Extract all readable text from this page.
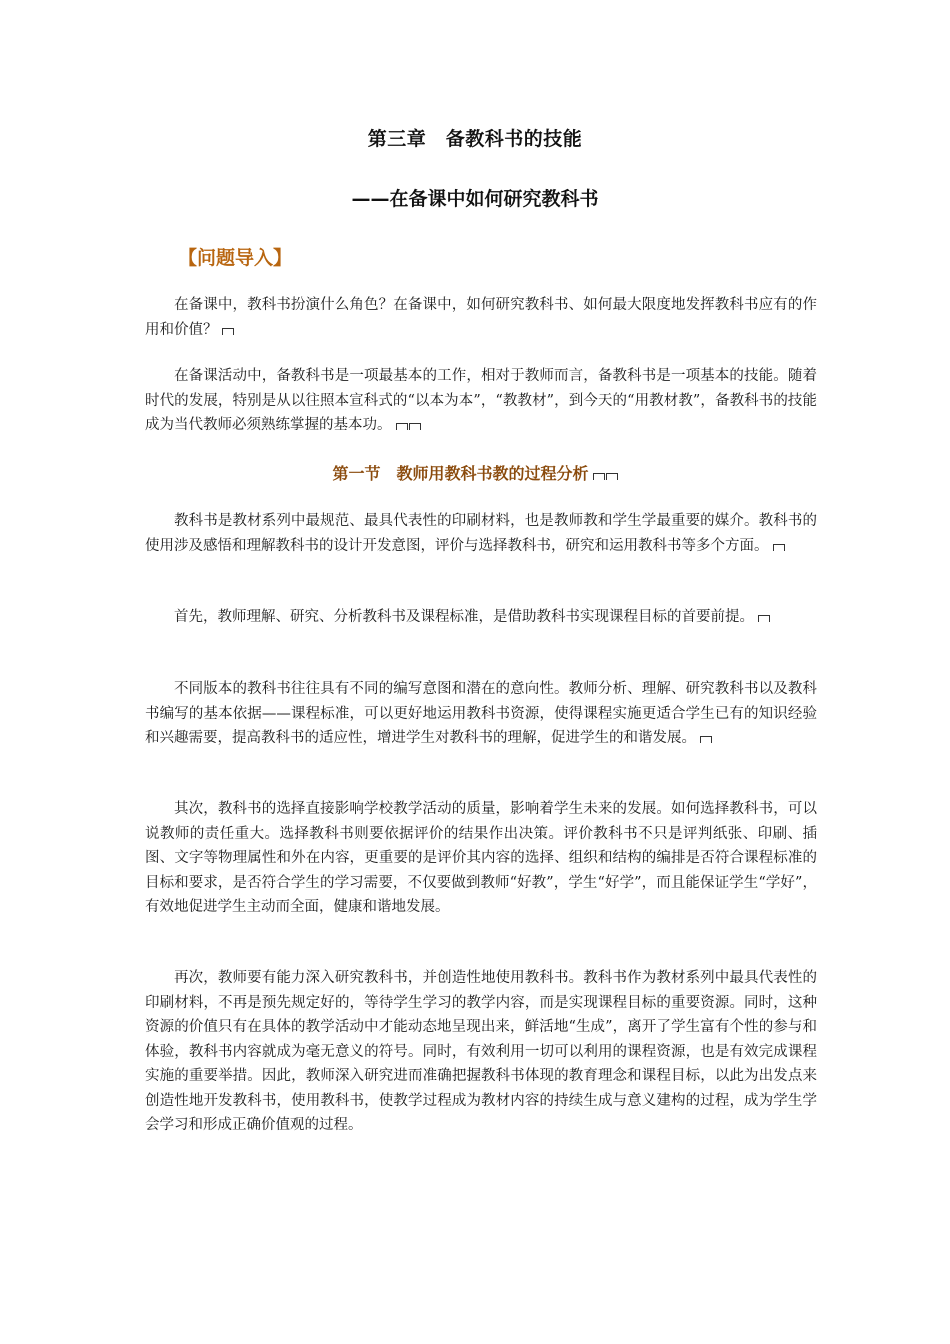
第三章　备教科书的技能
——在备课中如何研究教科书
【问题导入】

在备课中，教科书扮演什么角色？在备课中，如何研究教科书、如何最大限度地发挥教科书应有的作用和价值？

在备课活动中，备教科书是一项最基本的工作，相对于教师而言，备教科书是一项基本的技能。随着时代的发展，特别是从以往照本宣科式的“以本为本”，“教教材”，到今天的“用教材教”，备教科书的技能成为当代教师必须熟练掌握的基本功。

第一节　教师用教科书教的过程分析

教科书是教材系列中最规范、最具代表性的印刷材料，也是教师教和学生学最重要的媒介。教科书的使用涉及感悟和理解教科书的设计开发意图，评价与选择教科书，研究和运用教科书等多个方面。

首先，教师理解、研究、分析教科书及课程标准，是借助教科书实现课程目标的首要前提。

不同版本的教科书往往具有不同的编写意图和潜在的意向性。教师分析、理解、研究教科书以及教科书编写的基本依据——课程标准，可以更好地运用教科书资源，使得课程实施更适合学生已有的知识经验和兴趣需要，提高教科书的适应性，增进学生对教科书的理解，促进学生的和谐发展。

其次，教科书的选择直接影响学校教学活动的质量，影响着学生未来的发展。如何选择教科书，可以说教师的责任重大。选择教科书则要依据评价的结果作出决策。评价教科书不只是评判纸张、印刷、插图、文字等物理属性和外在内容，更重要的是评价其内容的选择、组织和结构的编排是否符合课程标准的目标和要求，是否符合学生的学习需要，不仅要做到教师“好教”，学生“好学”，而且能保证学生“学好”，有效地促进学生主动而全面，健康和谐地发展。

再次，教师要有能力深入研究教科书，并创造性地使用教科书。教科书作为教材系列中最具代表性的印刷材料，不再是预先规定好的，等待学生学习的教学内容，而是实现课程目标的重要资源。同时，这种资源的价值只有在具体的教学活动中才能动态地呈现出来，鲜活地“生成”，离开了学生富有个性的参与和体验，教科书内容就成为毫无意义的符号。同时，有效利用一切可以利用的课程资源，也是有效完成课程实施的重要举措。因此，教师深入研究进而准确把握教科书体现的教育理念和课程目标，以此为出发点来创造性地开发教科书，使用教科书，使教学过程成为教材内容的持续生成与意义建构的过程，成为学生学会学习和形成正确价值观的过程。
